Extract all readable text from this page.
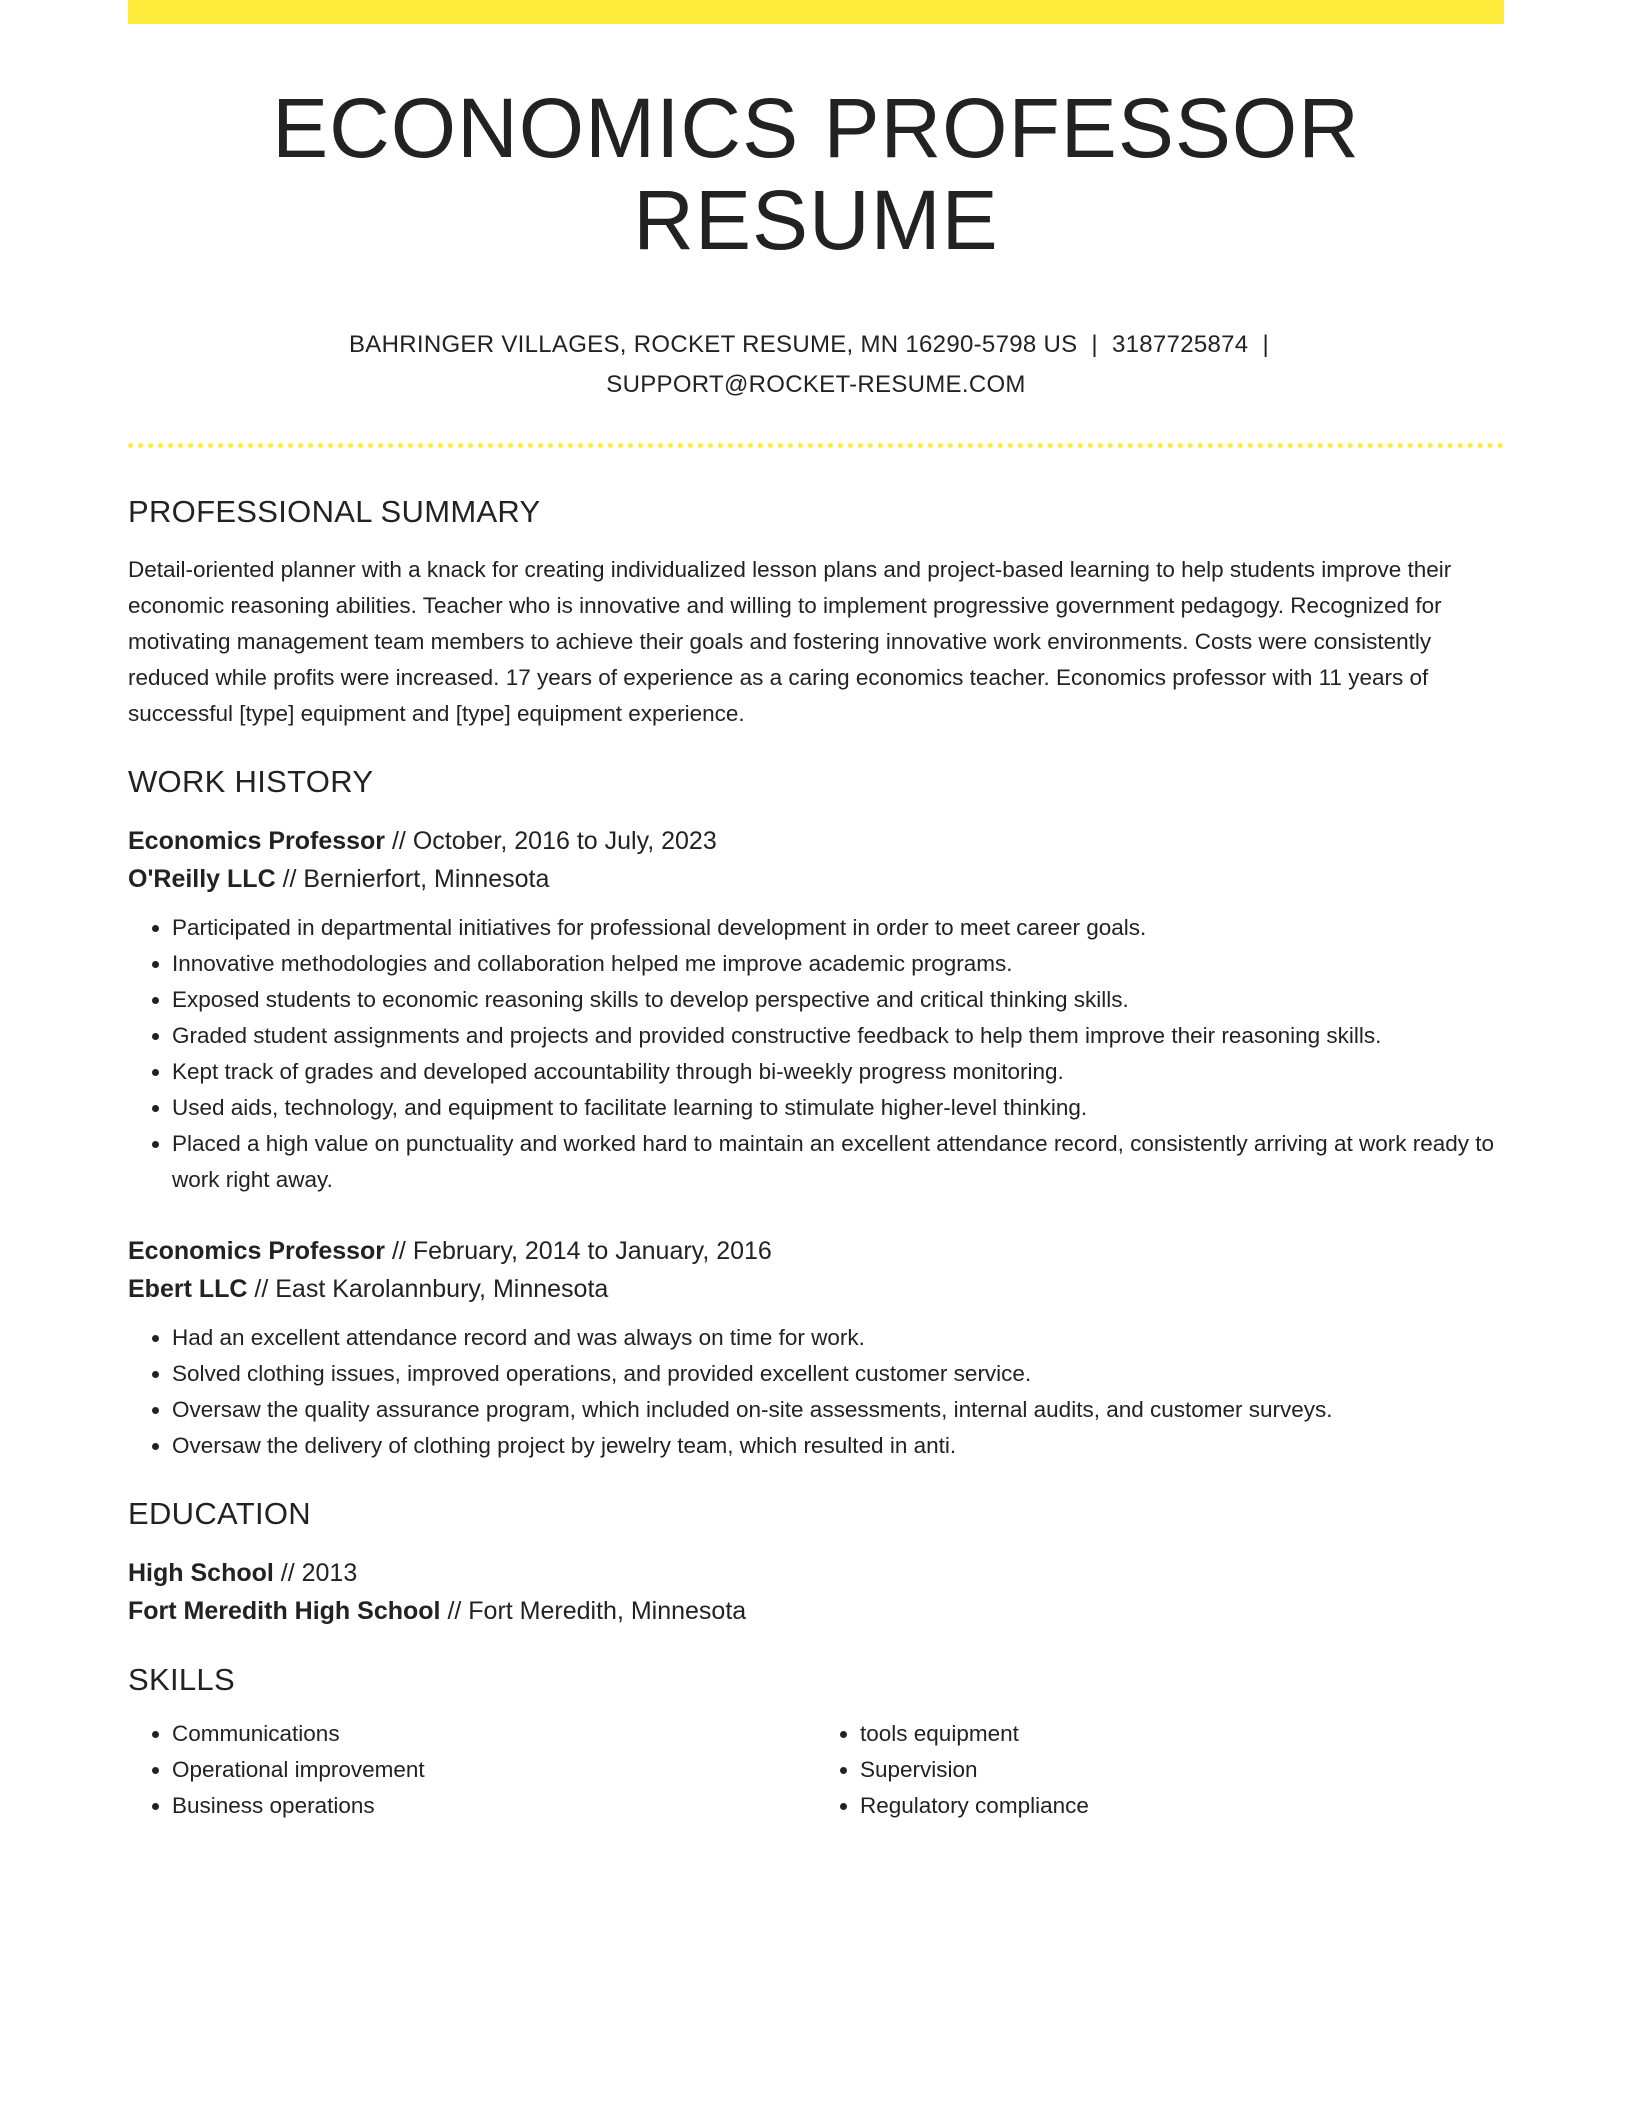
ECONOMICS PROFESSOR RESUME
BAHRINGER VILLAGES, ROCKET RESUME, MN 16290-5798 US | 3187725874 |
SUPPORT@ROCKET-RESUME.COM
PROFESSIONAL SUMMARY
Detail-oriented planner with a knack for creating individualized lesson plans and project-based learning to help students improve their economic reasoning abilities. Teacher who is innovative and willing to implement progressive government pedagogy. Recognized for motivating management team members to achieve their goals and fostering innovative work environments. Costs were consistently reduced while profits were increased. 17 years of experience as a caring economics teacher. Economics professor with 11 years of successful [type] equipment and [type] equipment experience.
WORK HISTORY
Economics Professor // October, 2016 to July, 2023
O'Reilly LLC // Bernierfort, Minnesota
• Participated in departmental initiatives for professional development in order to meet career goals.
• Innovative methodologies and collaboration helped me improve academic programs.
• Exposed students to economic reasoning skills to develop perspective and critical thinking skills.
• Graded student assignments and projects and provided constructive feedback to help them improve their reasoning skills.
• Kept track of grades and developed accountability through bi-weekly progress monitoring.
• Used aids, technology, and equipment to facilitate learning to stimulate higher-level thinking.
• Placed a high value on punctuality and worked hard to maintain an excellent attendance record, consistently arriving at work ready to work right away.
Economics Professor // February, 2014 to January, 2016
Ebert LLC // East Karolannbury, Minnesota
• Had an excellent attendance record and was always on time for work.
• Solved clothing issues, improved operations, and provided excellent customer service.
• Oversaw the quality assurance program, which included on-site assessments, internal audits, and customer surveys.
• Oversaw the delivery of clothing project by jewelry team, which resulted in anti.
EDUCATION
High School // 2013
Fort Meredith High School // Fort Meredith, Minnesota
SKILLS
• Communications
• Operational improvement
• Business operations
• tools equipment
• Supervision
• Regulatory compliance
